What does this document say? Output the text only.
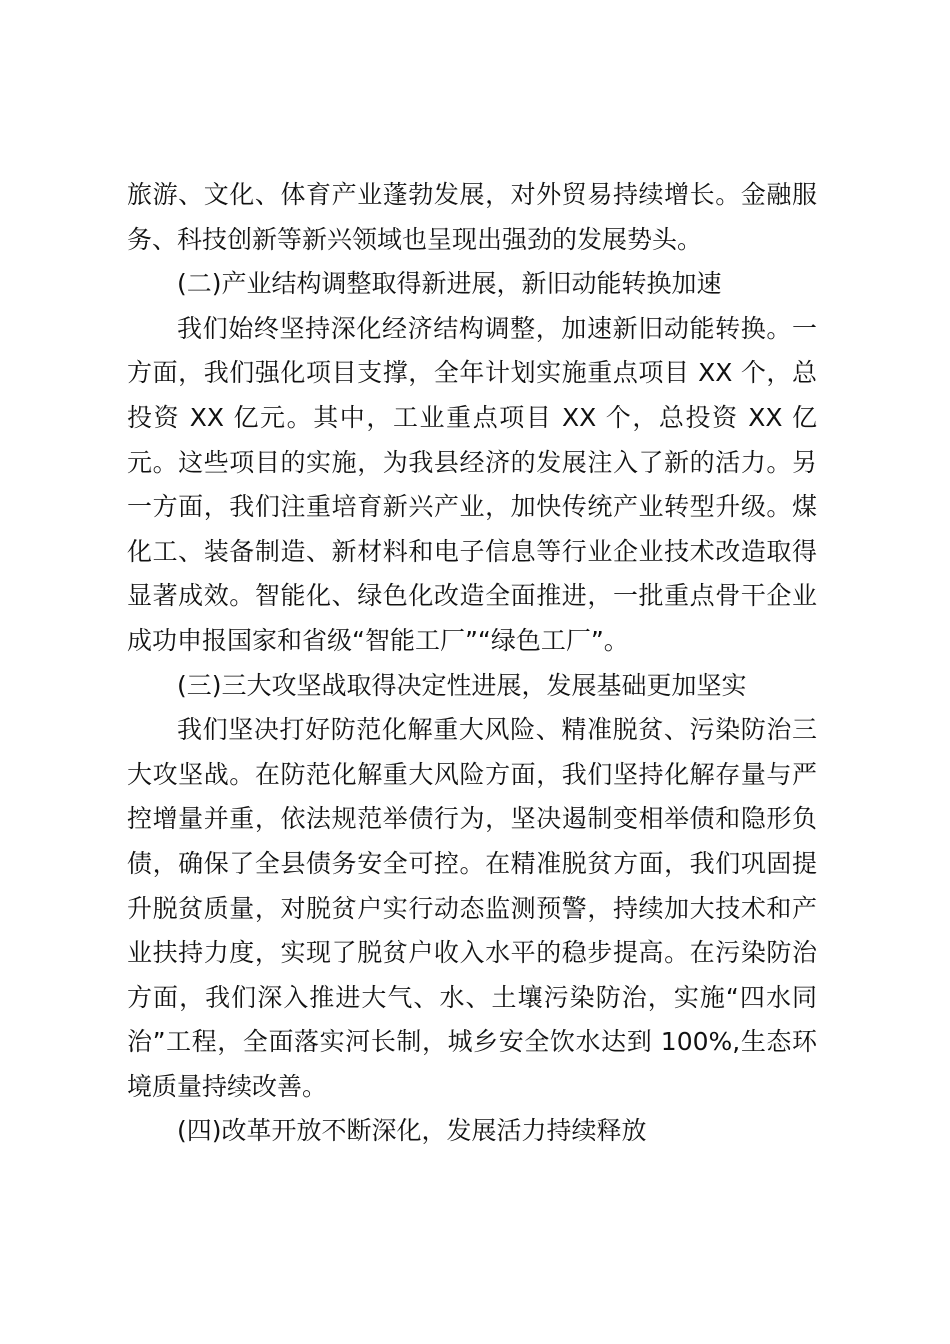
旅游、文化、体育产业蓬勃发展，对外贸易持续增长。金融服务、科技创新等新兴领域也呈现出强劲的发展势头。

(二)产业结构调整取得新进展，新旧动能转换加速

我们始终坚持深化经济结构调整，加速新旧动能转换。一方面，我们强化项目支撑，全年计划实施重点项目 XX 个，总投资 XX 亿元。其中，工业重点项目 XX 个，总投资 XX 亿元。这些项目的实施，为我县经济的发展注入了新的活力。另一方面，我们注重培育新兴产业，加快传统产业转型升级。煤化工、装备制造、新材料和电子信息等行业企业技术改造取得显著成效。智能化、绿色化改造全面推进，一批重点骨干企业成功申报国家和省级“智能工厂”“绿色工厂”。

(三)三大攻坚战取得决定性进展，发展基础更加坚实

我们坚决打好防范化解重大风险、精准脱贫、污染防治三大攻坚战。在防范化解重大风险方面，我们坚持化解存量与严控增量并重，依法规范举债行为，坚决遏制变相举债和隐形负债，确保了全县债务安全可控。在精准脱贫方面，我们巩固提升脱贫质量，对脱贫户实行动态监测预警，持续加大技术和产业扶持力度，实现了脱贫户收入水平的稳步提高。在污染防治方面，我们深入推进大气、水、土壤污染防治，实施“四水同治”工程，全面落实河长制，城乡安全饮水达到 100%,生态环境质量持续改善。

(四)改革开放不断深化，发展活力持续释放
